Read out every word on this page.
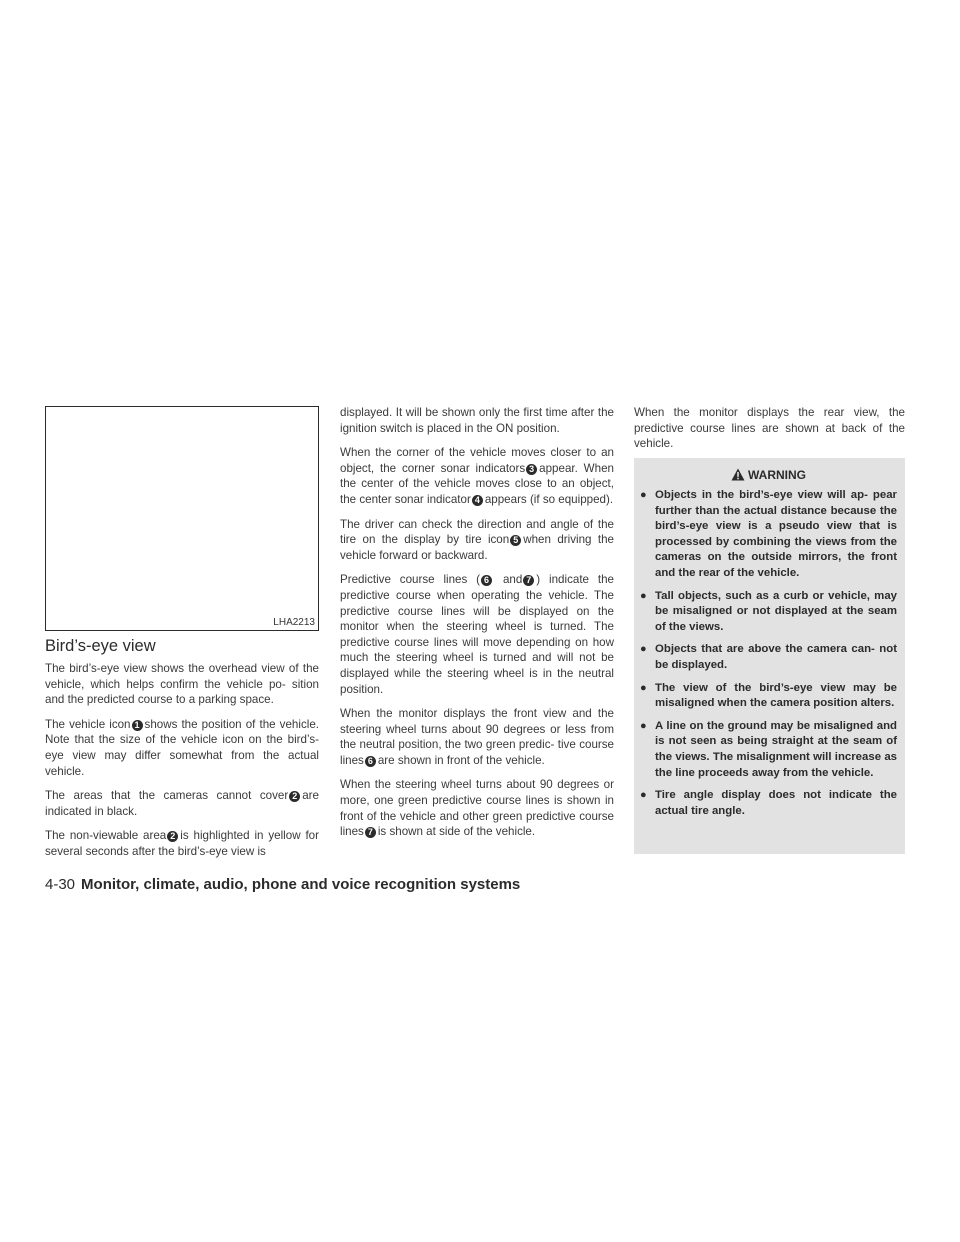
LHA2213
Bird’s-eye view

The bird’s-eye view shows the overhead view of the vehicle, which helps confirm the vehicle po- sition and the predicted course to a parking space.

The vehicle icon 1 shows the position of the vehicle. Note that the size of the vehicle icon on the bird’s-eye view may differ somewhat from the actual vehicle.

The areas that the cameras cannot cover 2 are indicated in black.

The non-viewable area 2 is highlighted in yellow for several seconds after the bird’s-eye view is

displayed. It will be shown only the first time after the ignition switch is placed in the ON position.

When the corner of the vehicle moves closer to an object, the corner sonar indicators 3 appear. When the center of the vehicle moves close to an object, the center sonar indicator 4 appears (if so equipped).

The driver can check the direction and angle of the tire on the display by tire icon 5 when driving the vehicle forward or backward.

Predictive course lines ( 6 and 7 ) indicate the predictive course when operating the vehicle. The predictive course lines will be displayed on the monitor when the steering wheel is turned. The predictive course lines will move depending on how much the steering wheel is turned and will not be displayed while the steering wheel is in the neutral position.

When the monitor displays the front view and the steering wheel turns about 90 degrees or less from the neutral position, the two green predic- tive course lines 6 are shown in front of the vehicle.

When the steering wheel turns about 90 degrees or more, one green predictive course lines is shown in front of the vehicle and other green predictive course lines 7 is shown at side of the vehicle.

When the monitor displays the rear view, the predictive course lines are shown at back of the vehicle.

WARNING
● Objects in the bird’s-eye view will ap- pear further than the actual distance because the bird’s-eye view is a pseudo view that is processed by combining the views from the cameras on the outside mirrors, the front and the rear of the vehicle.
● Tall objects, such as a curb or vehicle, may be misaligned or not displayed at the seam of the views.
● Objects that are above the camera can- not be displayed.
● The view of the bird’s-eye view may be misaligned when the camera position alters.
● A line on the ground may be misaligned and is not seen as being straight at the seam of the views. The misalignment will increase as the line proceeds away from the vehicle.
● Tire angle display does not indicate the actual tire angle.
4-30 Monitor, climate, audio, phone and voice recognition systems
